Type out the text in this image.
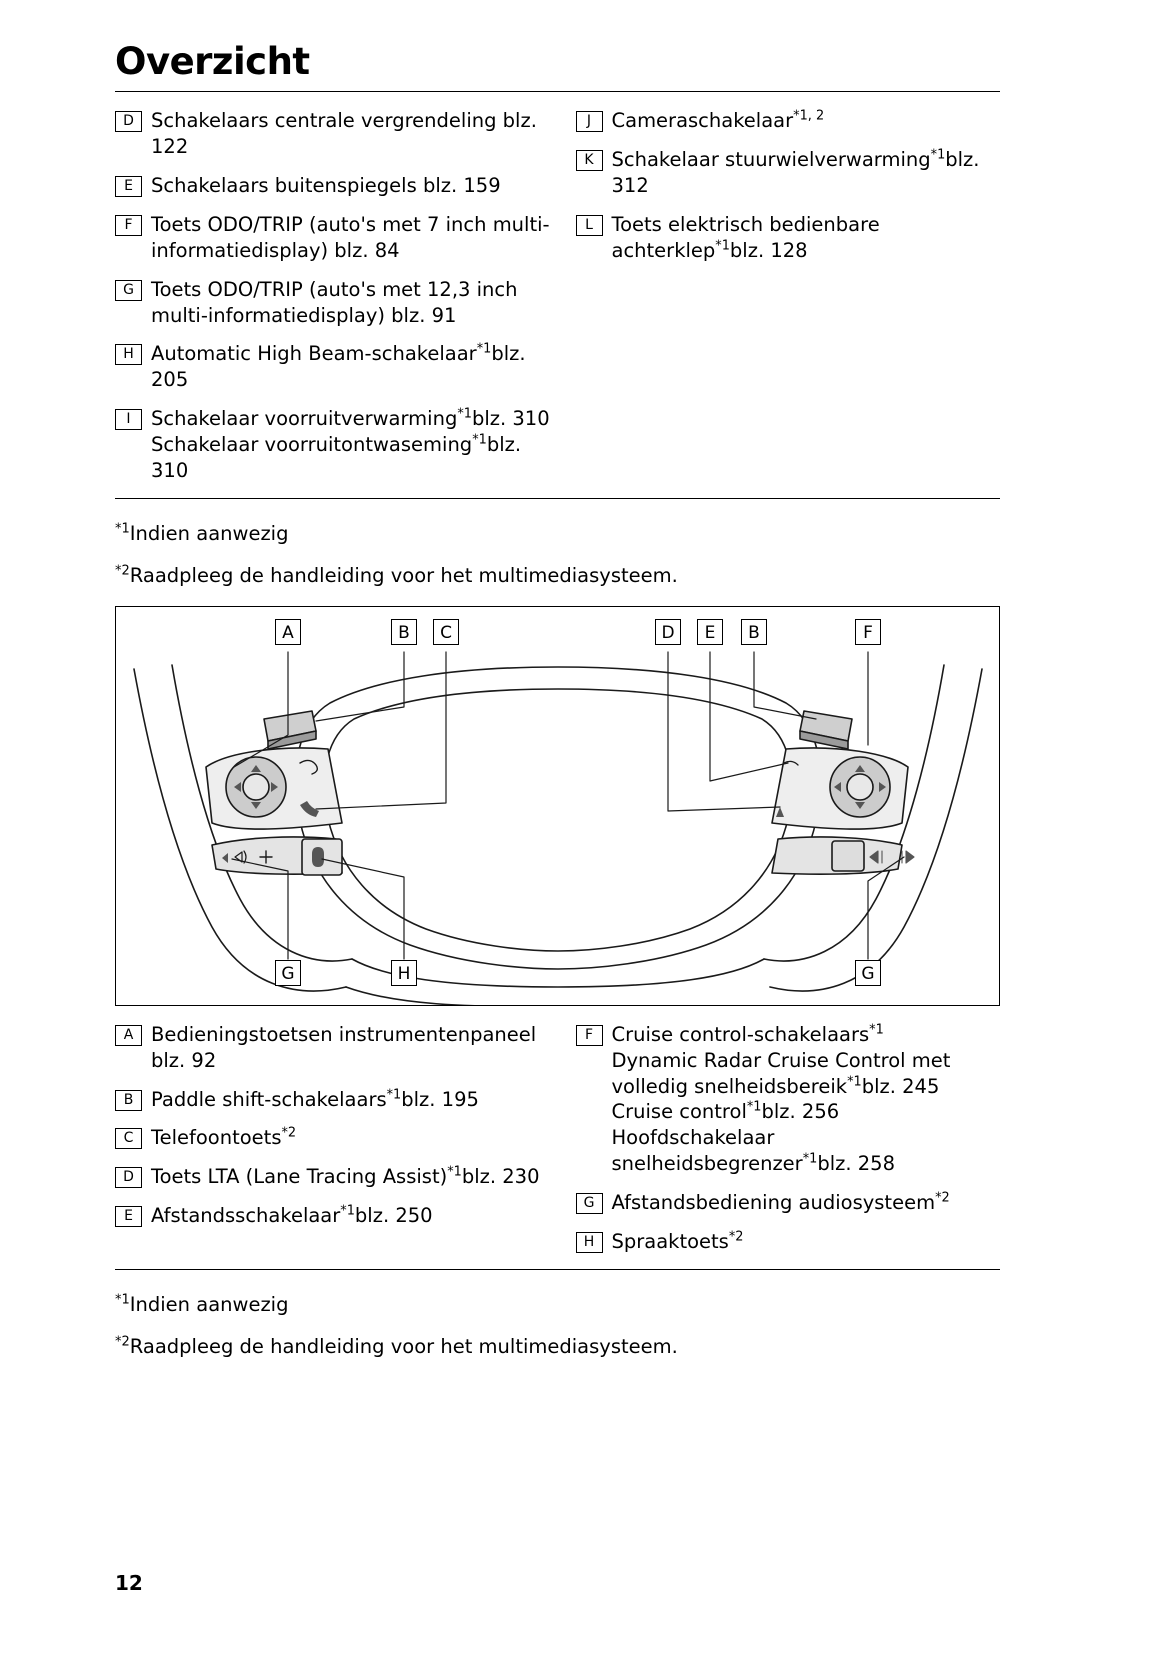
Overzicht
D Schakelaars centrale vergrendeling blz. 122
E Schakelaars buitenspiegels blz. 159
F Toets ODO/TRIP (auto's met 7 inch multi-informatiedisplay) blz. 84
G Toets ODO/TRIP (auto's met 12,3 inch multi-informatiedisplay) blz. 91
H Automatic High Beam-schakelaar$^{*1}$blz. 205
I	Schakelaar voorruitverwarming$^{*1}$blz. 310
Schakelaar voorruitontwaseming$^{*1}$blz. 310
J	Cameraschakelaar$^{*1, 2}$
K Schakelaar stuurwielverwarming$^{*1}$blz. 312
L Toets elektrisch bedienbare achterklep$^{*1}$blz. 128
$^{*1}$Indien aanwezig
$^{*2}$Raadpleeg de handleiding voor het multimediasysteem.
A	B	C	D	E	B	F
G	H	G
A Bedieningstoetsen instrumentenpaneel blz. 92
B Paddle shift-schakelaars$^{*1}$blz. 195
C Telefoontoets$^{*2}$
D Toets LTA (Lane Tracing Assist)$^{*1}$blz. 230
E Afstandsschakelaar$^{*1}$blz. 250
F Cruise control-schakelaars$^{*1}$
Dynamic Radar Cruise Control met volledig snelheidsbereik$^{*1}$blz. 245
Cruise control$^{*1}$blz. 256
Hoofdschakelaar snelheidsbegrenzer$^{*1}$blz. 258
G Afstandsbediening audiosysteem$^{*2}$
H Spraaktoets$^{*2}$
$^{*1}$Indien aanwezig
$^{*2}$Raadpleeg de handleiding voor het multimediasysteem.
12
